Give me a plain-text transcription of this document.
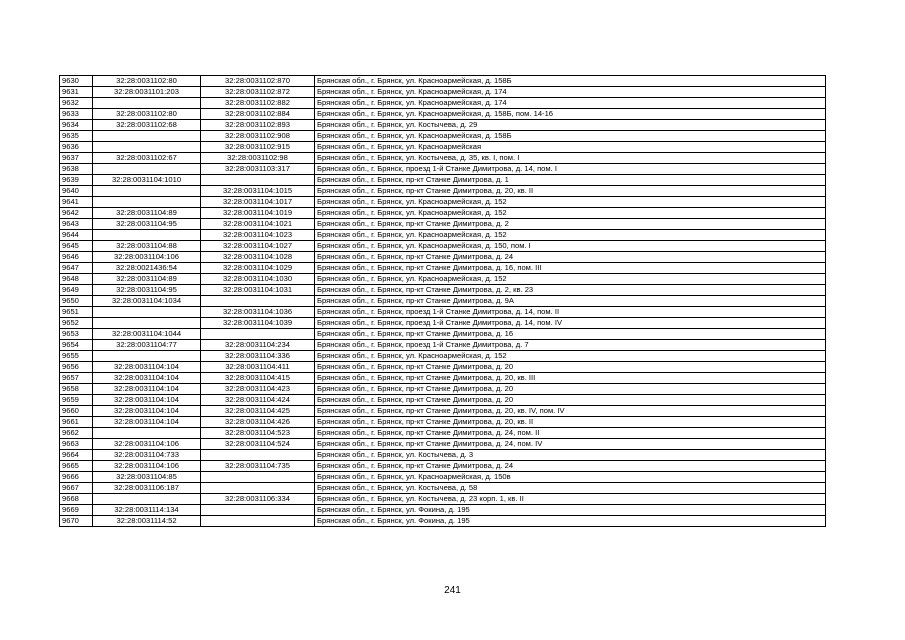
9630	32:28:0031102:80	32:28:0031102:870	Брянская обл., г. Брянск, ул. Красноармейская, д. 158Б
9631	32:28:0031101:203	32:28:0031102:872	Брянская обл., г. Брянск, ул. Красноармейская, д. 174
9632		32:28:0031102:882	Брянская обл., г. Брянск, ул. Красноармейская, д. 174
9633	32:28:0031102:80	32:28:0031102:884	Брянская обл., г. Брянск, ул. Красноармейская, д. 158Б, пом. 14-16
9634	32:28:0031102:68	32:28:0031102:893	Брянская обл., г. Брянск, ул. Костычева, д. 29
9635		32:28:0031102:908	Брянская обл., г. Брянск, ул. Красноармейская, д. 158Б
9636		32:28:0031102:915	Брянская обл., г. Брянск, ул. Красноармейская
9637	32:28:0031102:67	32:28:0031102:98	Брянская обл., г. Брянск, ул. Костычева, д. 35, кв. I, пом. I
9638		32:28:0031103:317	Брянская обл., г. Брянск, проезд 1-й Станке Димитрова, д. 14, пом. I
9639	32:28:0031104:1010		Брянская обл., г. Брянск, пр-кт Станке Димитрова, д. 1
9640		32:28:0031104:1015	Брянская обл., г. Брянск, пр-кт Станке Димитрова, д. 20, кв. II
9641		32:28:0031104:1017	Брянская обл., г. Брянск, ул. Красноармейская, д. 152
9642	32:28:0031104:89	32:28:0031104:1019	Брянская обл., г. Брянск, ул. Красноармейская, д. 152
9643	32:28:0031104:95	32:28:0031104:1021	Брянская обл., г. Брянск, пр-кт Станке Димитрова, д. 2
9644		32:28:0031104:1023	Брянская обл., г. Брянск, ул. Красноармейская, д. 152
9645	32:28:0031104:88	32:28:0031104:1027	Брянская обл., г. Брянск, ул. Красноармейская, д. 150, пом. I
9646	32:28:0031104:106	32:28:0031104:1028	Брянская обл., г. Брянск, пр-кт Станке Димитрова, д. 24
9647	32:28:0021436:54	32:28:0031104:1029	Брянская обл., г. Брянск, пр-кт Станке Димитрова, д. 16, пом. III
9648	32:28:0031104:89	32:28:0031104:1030	Брянская обл., г. Брянск, ул. Красноармейская, д. 152
9649	32:28:0031104:95	32:28:0031104:1031	Брянская обл., г. Брянск, пр-кт Станке Димитрова, д. 2, кв. 23
9650	32:28:0031104:1034		Брянская обл., г. Брянск, пр-кт Станке Димитрова, д. 9А
9651		32:28:0031104:1036	Брянская обл., г. Брянск, проезд 1-й Станке Димитрова, д. 14, пом. II
9652		32:28:0031104:1039	Брянская обл., г. Брянск, проезд 1-й Станке Димитрова, д. 14, пом. IV
9653	32:28:0031104:1044		Брянская обл., г. Брянск, пр-кт Станке Димитрова, д. 16
9654	32:28:0031104:77	32:28:0031104:234	Брянская обл., г. Брянск, проезд 1-й Станке Димитрова, д. 7
9655		32:28:0031104:336	Брянская обл., г. Брянск, ул. Красноармейская, д. 152
9656	32:28:0031104:104	32:28:0031104:411	Брянская обл., г. Брянск, пр-кт Станке Димитрова, д. 20
9657	32:28:0031104:104	32:28:0031104:415	Брянская обл., г. Брянск, пр-кт Станке Димитрова, д. 20, кв. III
9658	32:28:0031104:104	32:28:0031104:423	Брянская обл., г. Брянск, пр-кт Станке Димитрова, д. 20
9659	32:28:0031104:104	32:28:0031104:424	Брянская обл., г. Брянск, пр-кт Станке Димитрова, д. 20
9660	32:28:0031104:104	32:28:0031104:425	Брянская обл., г. Брянск, пр-кт Станке Димитрова, д. 20, кв. IV, пом. IV
9661	32:28:0031104:104	32:28:0031104:426	Брянская обл., г. Брянск, пр-кт Станке Димитрова, д. 20, кв. II
9662		32:28:0031104:523	Брянская обл., г. Брянск, пр-кт Станке Димитрова, д. 24, пом. II
9663	32:28:0031104:106	32:28:0031104:524	Брянская обл., г. Брянск, пр-кт Станке Димитрова, д. 24, пом. IV
9664	32:28:0031104:733		Брянская обл., г. Брянск, ул. Костычева, д. 3
9665	32:28:0031104:106	32:28:0031104:735	Брянская обл., г. Брянск, пр-кт Станке Димитрова, д. 24
9666	32:28:0031104:85		Брянская обл., г. Брянск, ул. Красноармейская, д. 150в
9667	32:28:0031106:187		Брянская обл., г. Брянск, ул. Костычева, д. 58
9668		32:28:0031106:334	Брянская обл., г. Брянск, ул. Костычева, д. 23 корп. 1, кв. II
9669	32:28:0031114:134		Брянская обл., г. Брянск, ул. Фокина, д. 195
9670	32:28:0031114:52		Брянская обл., г. Брянск, ул. Фокина, д. 195
241
